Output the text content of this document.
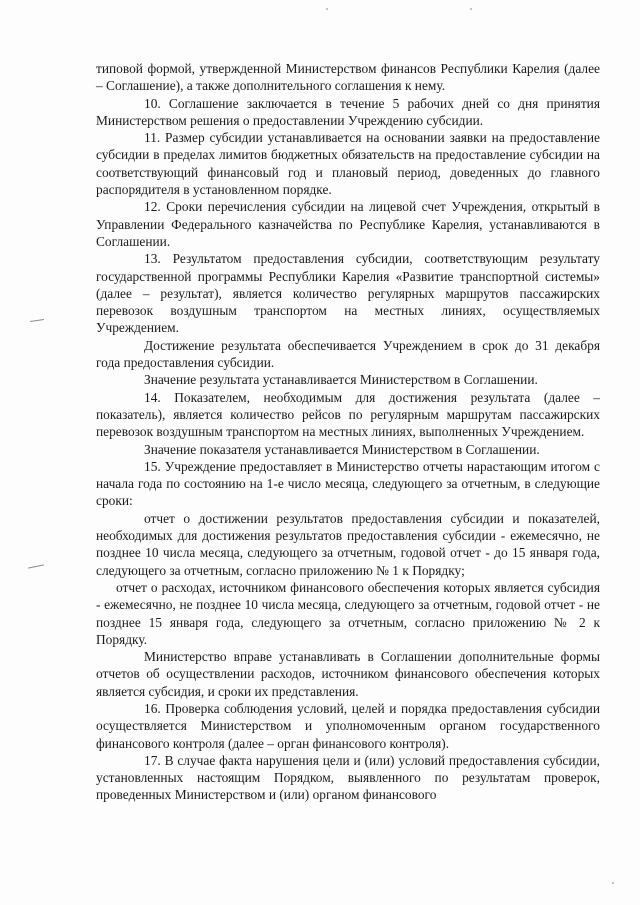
типовой формой, утвержденной Министерством финансов Республики Карелия (далее – Соглашение), а также дополнительного соглашения к нему.

10. Соглашение заключается в течение 5 рабочих дней со дня принятия Министерством решения о предоставлении Учреждению субсидии.

11. Размер субсидии устанавливается на основании заявки на предоставление субсидии в пределах лимитов бюджетных обязательств на предоставление субсидии на соответствующий финансовый год и плановый период, доведенных до главного распорядителя в установленном порядке.

12. Сроки перечисления субсидии на лицевой счет Учреждения, открытый в Управлении Федерального казначейства по Республике Карелия, устанавливаются в Соглашении.

13. Результатом предоставления субсидии, соответствующим результату государственной программы Республики Карелия «Развитие транспортной системы» (далее – результат), является количество регулярных маршрутов пассажирских перевозок воздушным транспортом на местных линиях, осуществляемых Учреждением.

Достижение результата обеспечивается Учреждением в срок до 31 декабря года предоставления субсидии.

Значение результата устанавливается Министерством в Соглашении.

14. Показателем, необходимым для достижения результата (далее – показатель), является количество рейсов по регулярным маршрутам пассажирских перевозок воздушным транспортом на местных линиях, выполненных Учреждением.

Значение показателя устанавливается Министерством в Соглашении.

15. Учреждение предоставляет в Министерство отчеты нарастающим итогом с начала года по состоянию на 1-е число месяца, следующего за отчетным, в следующие сроки:

отчет о достижении результатов предоставления субсидии и показателей, необходимых для достижения результатов предоставления субсидии - ежемесячно, не позднее 10 числа месяца, следующего за отчетным, годовой отчет - до 15 января года, следующего за отчетным, согласно приложению № 1 к Порядку;

отчет о расходах, источником финансового обеспечения которых является субсидия - ежемесячно, не позднее 10 числа месяца, следующего за отчетным, годовой отчет - не позднее 15 января года, следующего за отчетным, согласно приложению № 2 к Порядку.

Министерство вправе устанавливать в Соглашении дополнительные формы отчетов об осуществлении расходов, источником финансового обеспечения которых является субсидия, и сроки их представления.

16. Проверка соблюдения условий, целей и порядка предоставления субсидии осуществляется Министерством и уполномоченным органом государственного финансового контроля (далее – орган финансового контроля).

17. В случае факта нарушения цели и (или) условий предоставления субсидии, установленных настоящим Порядком, выявленного по результатам проверок, проведенных Министерством и (или) органом финансового
